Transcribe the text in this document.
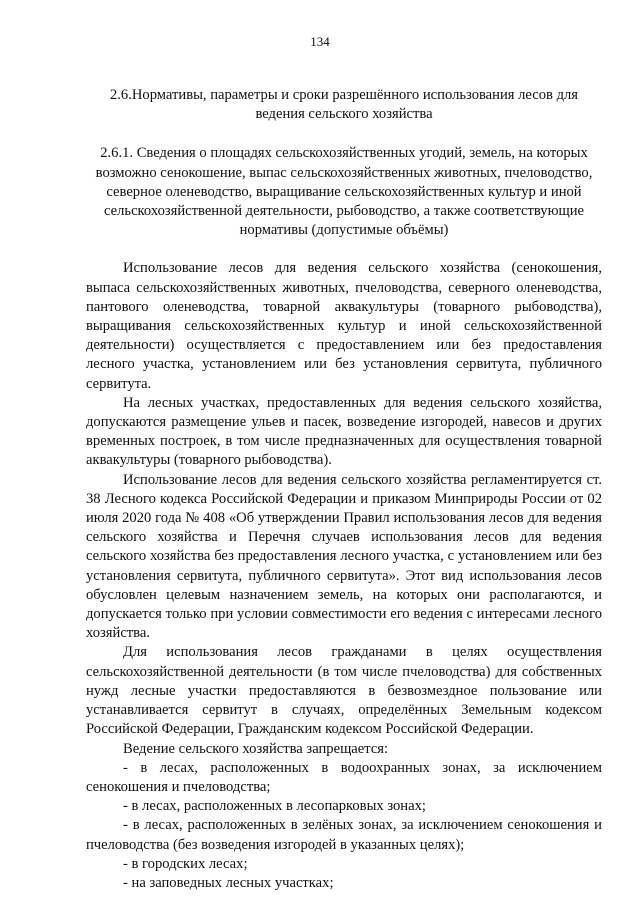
134

2.6.Нормативы, параметры и сроки разрешённого использования лесов для ведения сельского хозяйства

2.6.1. Сведения о площадях сельскохозяйственных угодий, земель, на которых возможно сенокошение, выпас сельскохозяйственных животных, пчеловодство, северное оленеводство, выращивание сельскохозяйственных культур и иной сельскохозяйственной деятельности, рыбоводство, а также соответствующие нормативы (допустимые объёмы)

Использование лесов для ведения сельского хозяйства (сенокошения, выпаса сельскохозяйственных животных, пчеловодства, северного оленеводства, пантового оленеводства, товарной аквакультуры (товарного рыбоводства), выращивания сельскохозяйственных культур и иной сельскохозяйственной деятельности) осуществляется с предоставлением или без предоставления лесного участка, установлением или без установления сервитута, публичного сервитута.

На лесных участках, предоставленных для ведения сельского хозяйства, допускаются размещение ульев и пасек, возведение изгородей, навесов и других временных построек, в том числе предназначенных для осуществления товарной аквакультуры (товарного рыбоводства).

Использование лесов для ведения сельского хозяйства регламентируется ст. 38 Лесного кодекса Российской Федерации и приказом Минприроды России от 02 июля 2020 года № 408 «Об утверждении Правил использования лесов для ведения сельского хозяйства и Перечня случаев использования лесов для ведения сельского хозяйства без предоставления лесного участка, с установлением или без установления сервитута, публичного сервитута». Этот вид использования лесов обусловлен целевым назначением земель, на которых они располагаются, и допускается только при условии совместимости его ведения с интересами лесного хозяйства.

Для использования лесов гражданами в целях осуществления сельскохозяйственной деятельности (в том числе пчеловодства) для собственных нужд лесные участки предоставляются в безвозмездное пользование или устанавливается сервитут в случаях, определённых Земельным кодексом Российской Федерации, Гражданским кодексом Российской Федерации.

Ведение сельского хозяйства запрещается:

- в лесах, расположенных в водоохранных зонах, за исключением сенокошения и пчеловодства;

- в лесах, расположенных в лесопарковых зонах;

- в лесах, расположенных в зелёных зонах, за исключением сенокошения и пчеловодства (без возведения изгородей в указанных целях);

- в городских лесах;

- на заповедных лесных участках;
